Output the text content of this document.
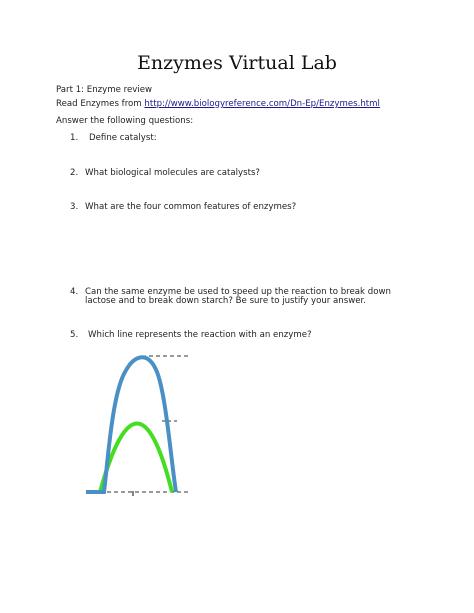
Enzymes Virtual Lab
Part 1: Enzyme review
Read Enzymes from http://www.biologyreference.com/Dn-Ep/Enzymes.html
Answer the following questions:
1. Define catalyst:
2. What biological molecules are catalysts?
3. What are the four common features of enzymes?
4. Can the same enzyme be used to speed up the reaction to break down
lactose and to break down starch? Be sure to justify your answer.
5. Which line represents the reaction with an enzyme?
